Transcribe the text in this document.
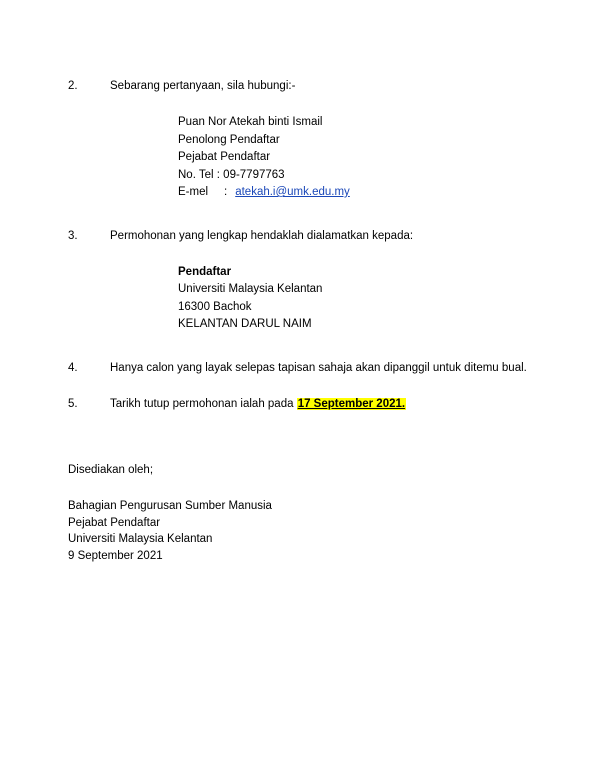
2.	Sebarang pertanyaan, sila hubungi:-
Puan Nor Atekah binti Ismail
Penolong Pendaftar
Pejabat Pendaftar
No. Tel : 09-7797763
E-mel	: atekah.i@umk.edu.my
3.	Permohonan yang lengkap hendaklah dialamatkan kepada:
Pendaftar
Universiti Malaysia Kelantan
16300 Bachok
KELANTAN DARUL NAIM
4.	Hanya calon yang layak selepas tapisan sahaja akan dipanggil untuk ditemu bual.
5.	Tarikh tutup permohonan ialah pada 17 September 2021.
Disediakan oleh;
Bahagian Pengurusan Sumber Manusia
Pejabat Pendaftar
Universiti Malaysia Kelantan
9 September 2021
